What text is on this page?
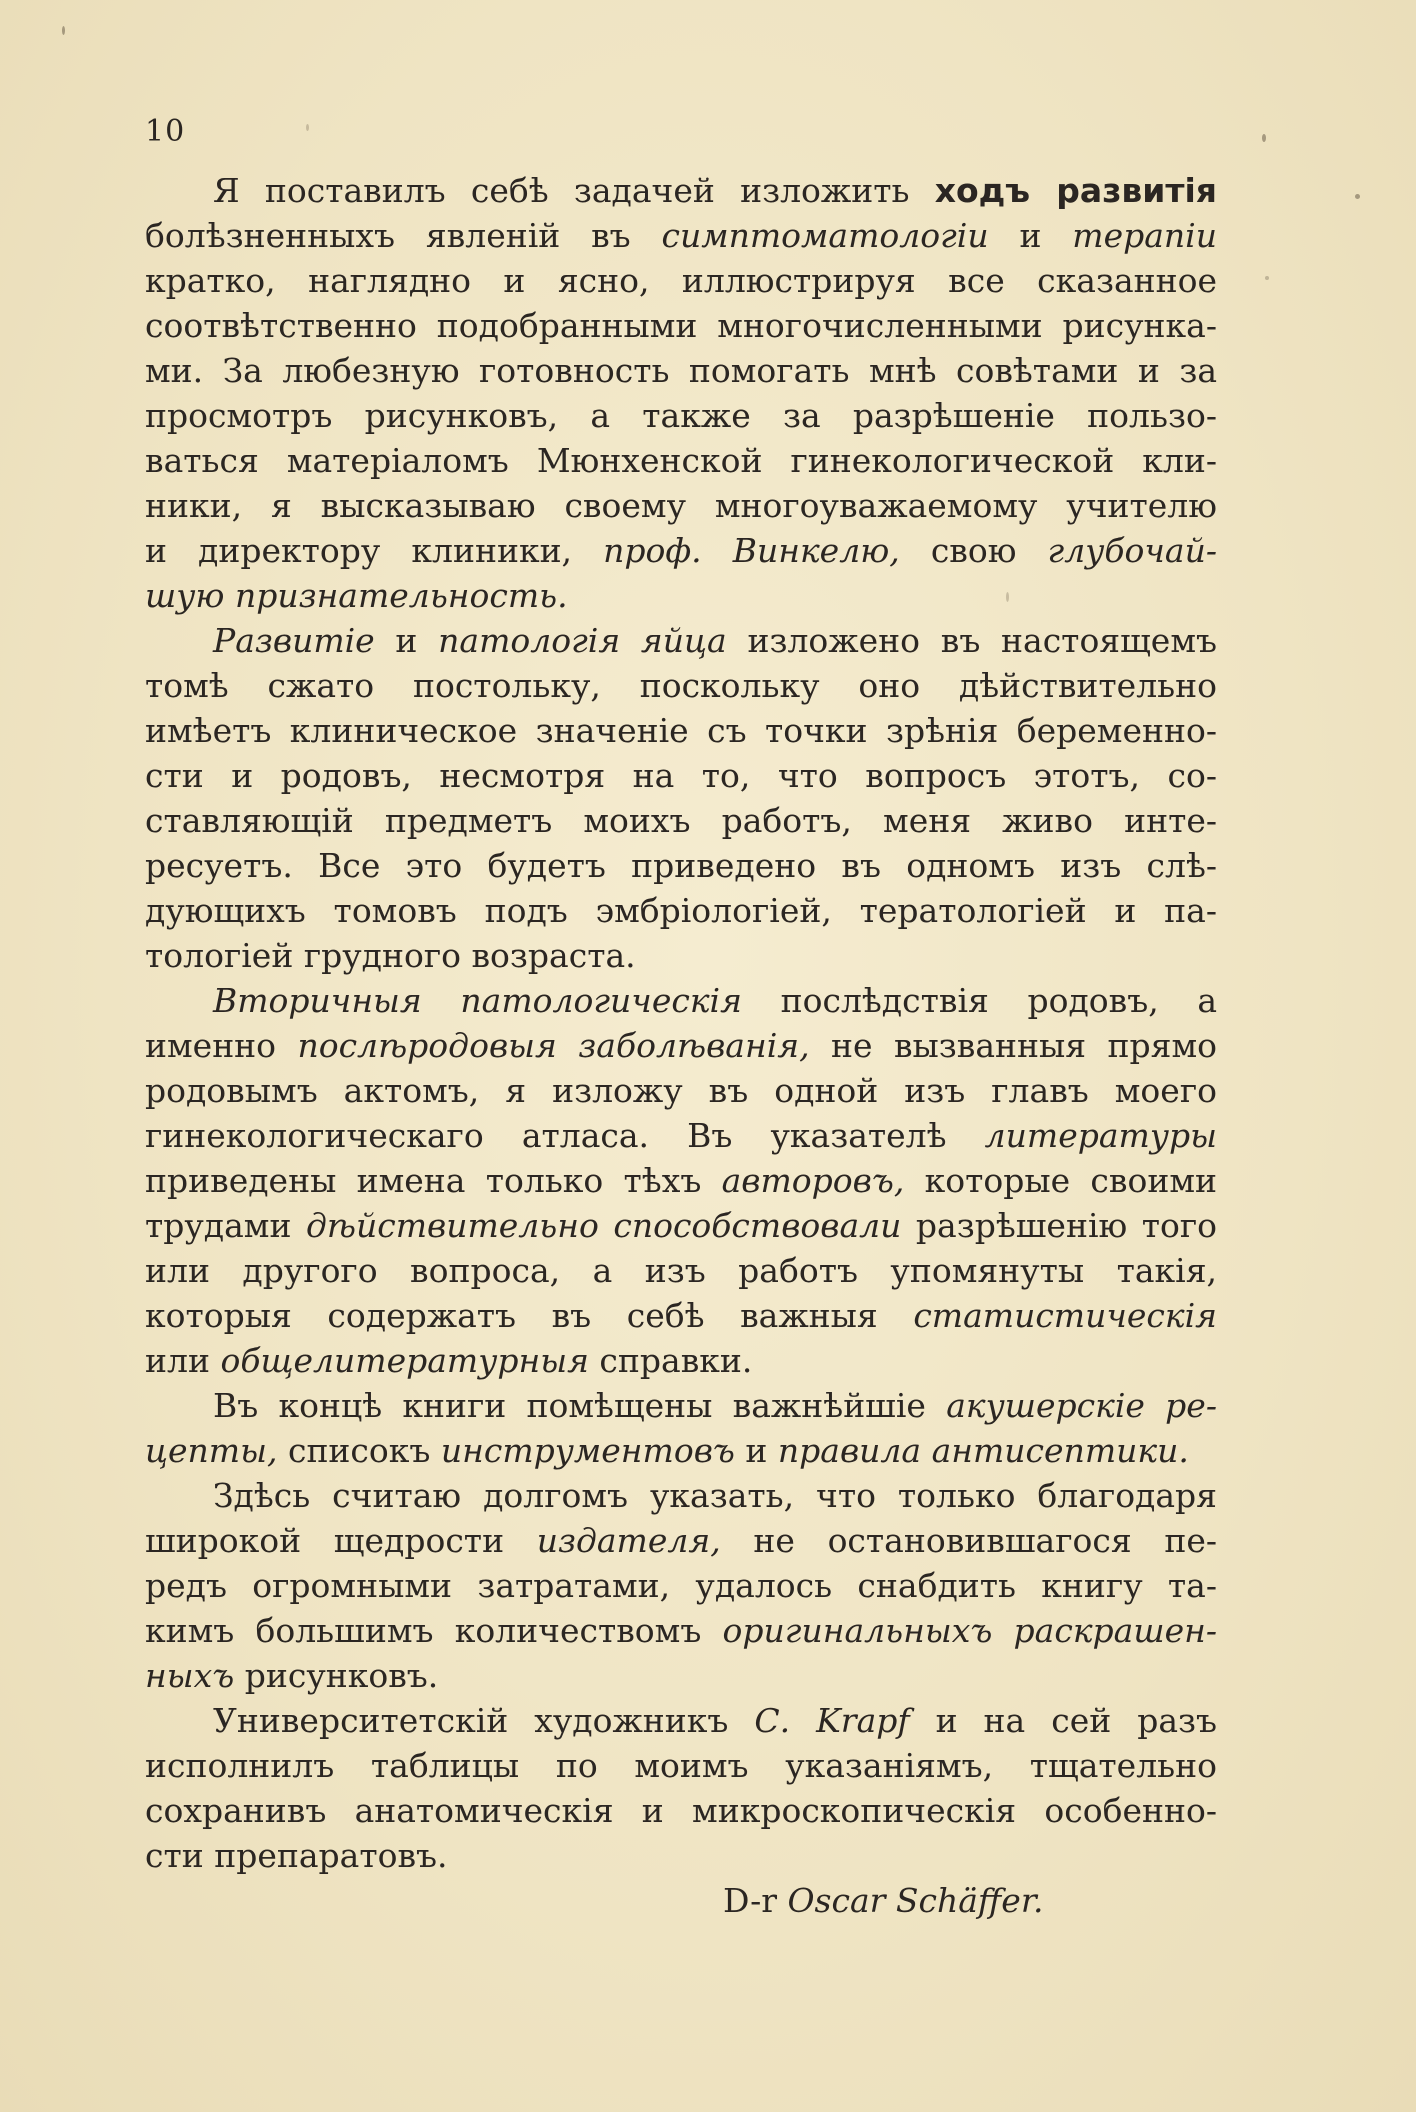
10
Я поставилъ себѣ задачей изложить ходъ развитія
болѣзненныхъ явленій въ симптоматологіи и терапіи
кратко, наглядно и ясно, иллюстрируя все сказанное
соотвѣтственно подобранными многочисленными рисунка-
ми. За любезную готовность помогать мнѣ совѣтами и за
просмотръ рисунковъ, а также за разрѣшеніе пользо-
ваться матеріаломъ Мюнхенской гинекологической кли-
ники, я высказываю своему многоуважаемому учителю
и директору клиники, проф. Винкелю, свою глубочай-
шую признательность.
Развитіе и патологія яйца изложено въ настоящемъ
томѣ сжато постольку, поскольку оно дѣйствительно
имѣетъ клиническое значеніе съ точки зрѣнія беременно-
сти и родовъ, несмотря на то, что вопросъ этотъ, со-
ставляющій предметъ моихъ работъ, меня живо инте-
ресуетъ. Все это будетъ приведено въ одномъ изъ слѣ-
дующихъ томовъ подъ эмбріологіей, тератологіей и па-
тологіей грудного возраста.
Вторичныя патологическія послѣдствія родовъ, а
именно послѣродовыя заболѣванія, не вызванныя прямо
родовымъ актомъ, я изложу въ одной изъ главъ моего
гинекологическаго атласа. Въ указателѣ литературы
приведены имена только тѣхъ авторовъ, которые своими
трудами дѣйствительно способствовали разрѣшенію того
или другого вопроса, а изъ работъ упомянуты такія,
которыя содержатъ въ себѣ важныя статистическія
или общелитературныя справки.
Въ концѣ книги помѣщены важнѣйшіе акушерскіе ре-
цепты, списокъ инструментовъ и правила антисептики.
Здѣсь считаю долгомъ указать, что только благодаря
широкой щедрости издателя, не остановившагося пе-
редъ огромными затратами, удалось снабдить книгу та-
кимъ большимъ количествомъ оригинальныхъ раскрашен-
ныхъ рисунковъ.
Университетскій художникъ С. Krapf и на сей разъ
исполнилъ таблицы по моимъ указаніямъ, тщательно
сохранивъ анатомическія и микроскопическія особенно-
сти препаратовъ.
D-r Oscar Schäffer.
